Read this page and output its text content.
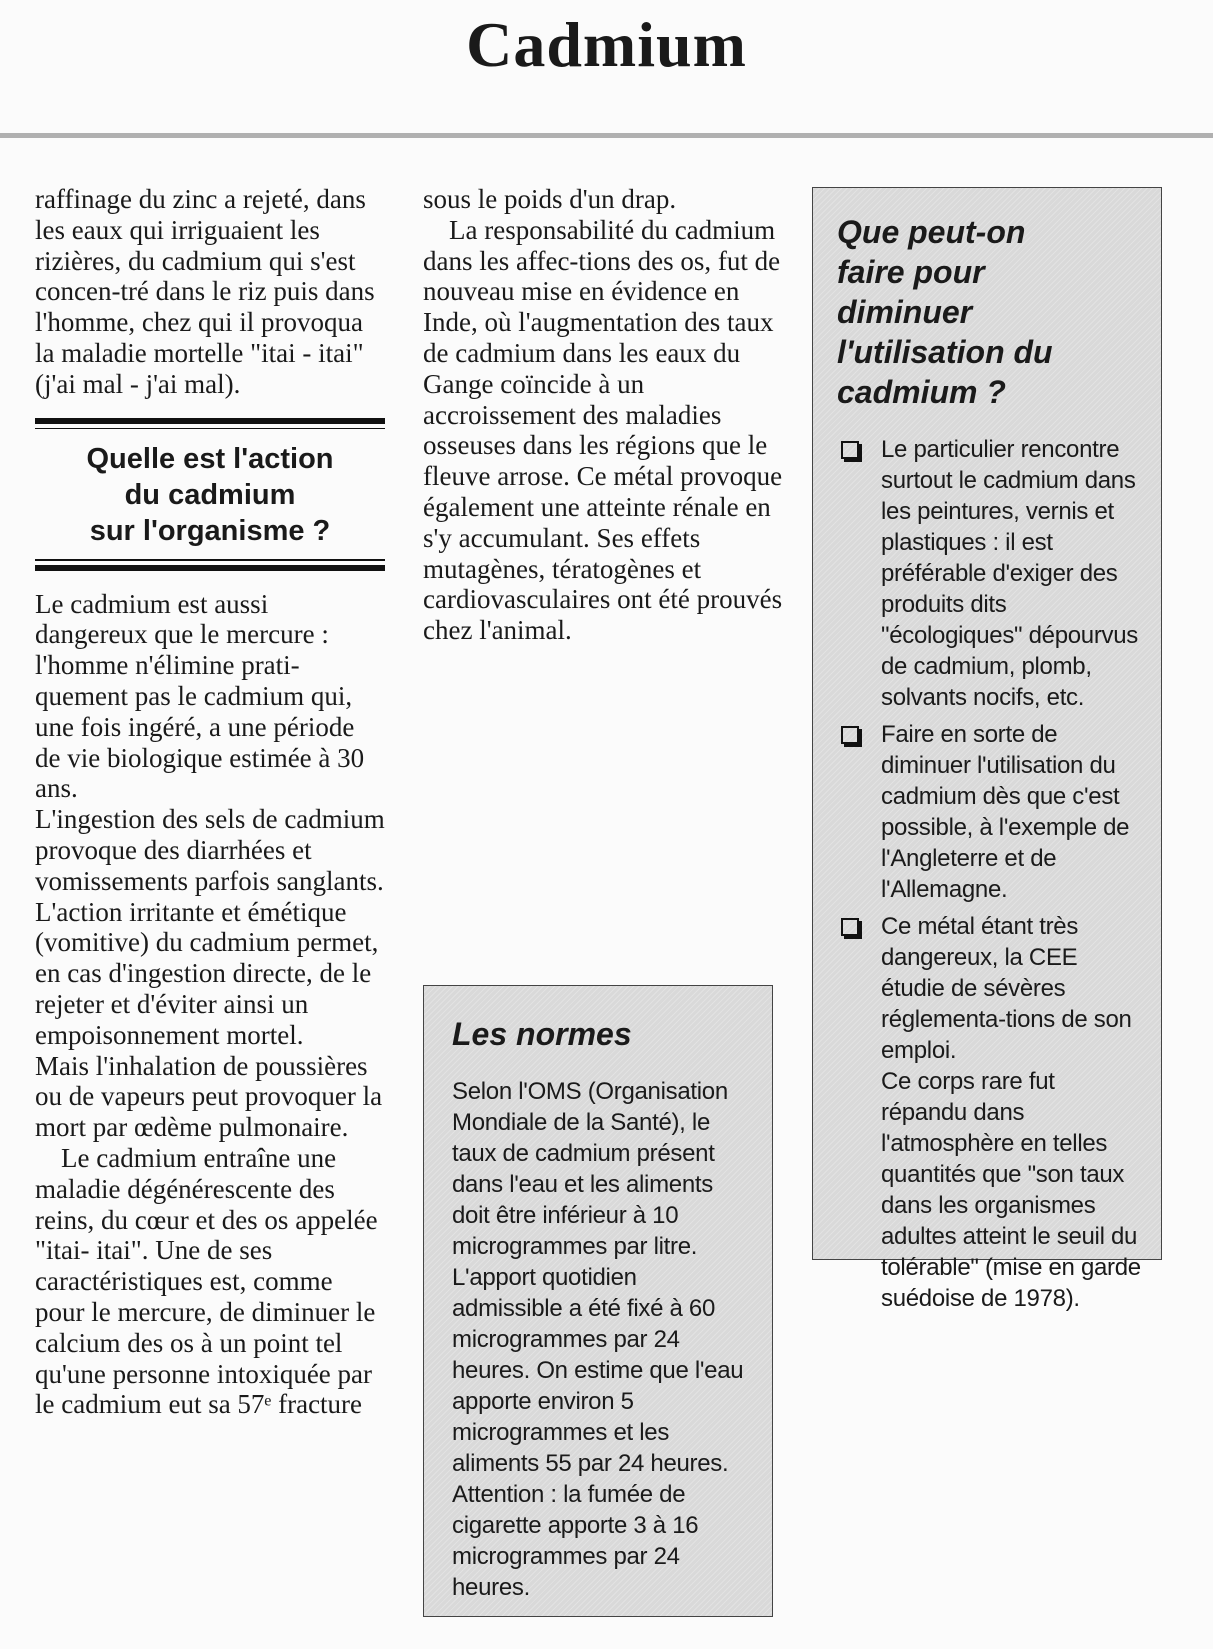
Cadmium

raffinage du zinc a rejeté, dans les eaux qui irriguaient les rizières, du cadmium qui s'est concen-tré dans le riz puis dans l'homme, chez qui il provoqua la maladie mortelle "itai - itai" (j'ai mal - j'ai mal).

Quelle est l'action
du cadmium
sur l'organisme ?

Le cadmium est aussi dangereux que le mercure : l'homme n'élimine prati-quement pas le cadmium qui, une fois ingéré, a une période de vie biologique estimée à 30 ans.

L'ingestion des sels de cadmium provoque des diarrhées et vomissements parfois sanglants.

L'action irritante et émétique (vomitive) du cadmium permet, en cas d'ingestion directe, de le rejeter et d'éviter ainsi un empoisonnement mortel.

Mais l'inhalation de poussières ou de vapeurs peut provoquer la mort par œdème pulmonaire.

Le cadmium entraîne une maladie dégénérescente des reins, du cœur et des os appelée "itai- itai". Une de ses caractéristiques est, comme pour le mercure, de diminuer le calcium des os à un point tel qu'une personne intoxiquée par le cadmium eut sa 57ᵉ fracture

sous le poids d'un drap.

La responsabilité du cadmium dans les affec-tions des os, fut de nouveau mise en évidence en Inde, où l'augmentation des taux de cadmium dans les eaux du Gange coïncide à un accroissement des maladies osseuses dans les régions que le fleuve arrose. Ce métal provoque également une atteinte rénale en s'y accumulant. Ses effets mutagènes, tératogènes et cardiovasculaires ont été prouvés chez l'animal.

Les normes

Selon l'OMS (Organisation Mondiale de la Santé), le taux de cadmium présent dans l'eau et les aliments doit être inférieur à 10 microgrammes par litre. L'apport quotidien admissible a été fixé à 60 microgrammes par 24 heures. On estime que l'eau apporte environ 5 microgrammes et les aliments 55 par 24 heures. Attention : la fumée de cigarette apporte 3 à 16 microgrammes par 24 heures.

Que peut-on
faire pour
diminuer
l'utilisation du
cadmium ?

Le particulier rencontre surtout le cadmium dans les peintures, vernis et plastiques : il est préférable d'exiger des produits dits "écologiques" dépourvus de cadmium, plomb, solvants nocifs, etc.

Faire en sorte de diminuer l'utilisation du cadmium dès que c'est possible, à l'exemple de l'Angleterre et de l'Allemagne.

Ce métal étant très dangereux, la CEE étudie de sévères réglementa-tions de son emploi.

Ce corps rare fut répandu dans l'atmosphère en telles quantités que "son taux dans les organismes adultes atteint le seuil du tolérable" (mise en garde suédoise de 1978).
